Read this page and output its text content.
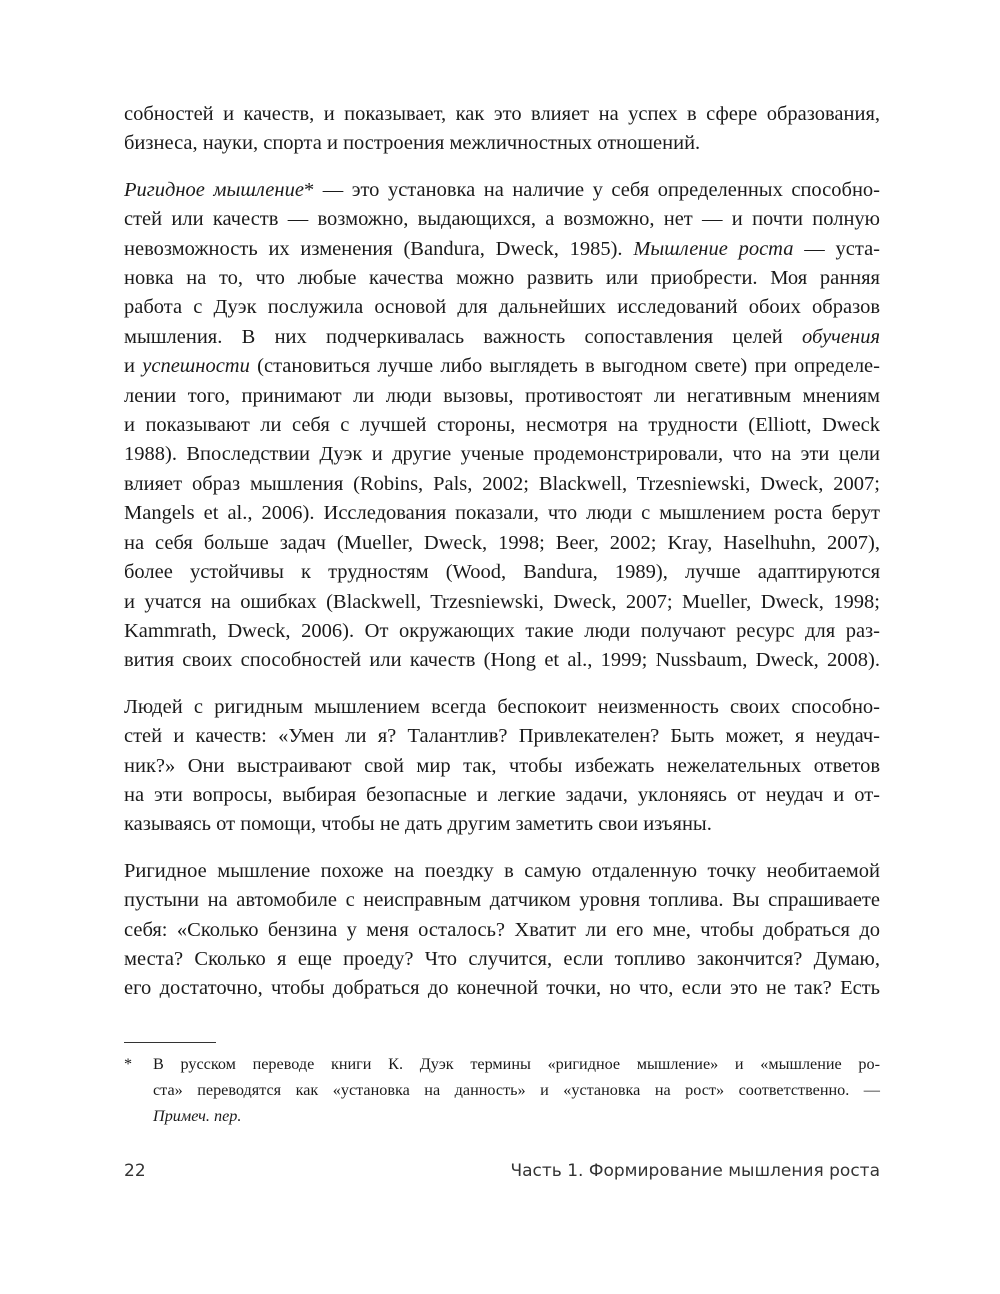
собностей и качеств, и показывает, как это влияет на успех в сфере образования,
бизнеса, науки, спорта и построения межличностных отношений.
Ригидное мышление* — это установка на наличие у себя определенных способно-
стей или качеств — возможно, выдающихся, а возможно, нет — и почти полную
невозможность их изменения (Bandura, Dweck, 1985). Мышление роста — уста-
новка на то, что любые качества можно развить или приобрести. Моя ранняя
работа с Дуэк послужила основой для дальнейших исследований обоих образов
мышления. В них подчеркивалась важность сопоставления целей обучения
и успешности (становиться лучше либо выглядеть в выгодном свете) при определе-
лении того, принимают ли люди вызовы, противостоят ли негативным мнениям
и показывают ли себя с лучшей стороны, несмотря на трудности (Elliott, Dweck
1988). Впоследствии Дуэк и другие ученые продемонстрировали, что на эти цели
влияет образ мышления (Robins, Pals, 2002; Blackwell, Trzesniewski, Dweck, 2007;
Mangels et al., 2006). Исследования показали, что люди с мышлением роста берут
на себя больше задач (Mueller, Dweck, 1998; Beer, 2002; Kray, Haselhuhn, 2007),
более устойчивы к трудностям (Wood, Bandura, 1989), лучше адаптируются
и учатся на ошибках (Blackwell, Trzesniewski, Dweck, 2007; Mueller, Dweck, 1998;
Kammrath, Dweck, 2006). От окружающих такие люди получают ресурс для раз-
вития своих способностей или качеств (Hong et al., 1999; Nussbaum, Dweck, 2008).
Людей с ригидным мышлением всегда беспокоит неизменность своих способно-
стей и качеств: «Умен ли я? Талантлив? Привлекателен? Быть может, я неудач-
ник?» Они выстраивают свой мир так, чтобы избежать нежелательных ответов
на эти вопросы, выбирая безопасные и легкие задачи, уклоняясь от неудач и от-
казываясь от помощи, чтобы не дать другим заметить свои изъяны.
Ригидное мышление похоже на поездку в самую отдаленную точку необитаемой
пустыни на автомобиле с неисправным датчиком уровня топлива. Вы спрашиваете
себя: «Сколько бензина у меня осталось? Хватит ли его мне, чтобы добраться до
места? Сколько я еще проеду? Что случится, если топливо закончится? Думаю,
его достаточно, чтобы добраться до конечной точки, но что, если это не так? Есть
* В русском переводе книги К. Дуэк термины «ригидное мышление» и «мышление ро-
ста» переводятся как «установка на данность» и «установка на рост» соответственно. —
Примеч. пер.
22	Часть 1. Формирование мышления роста
